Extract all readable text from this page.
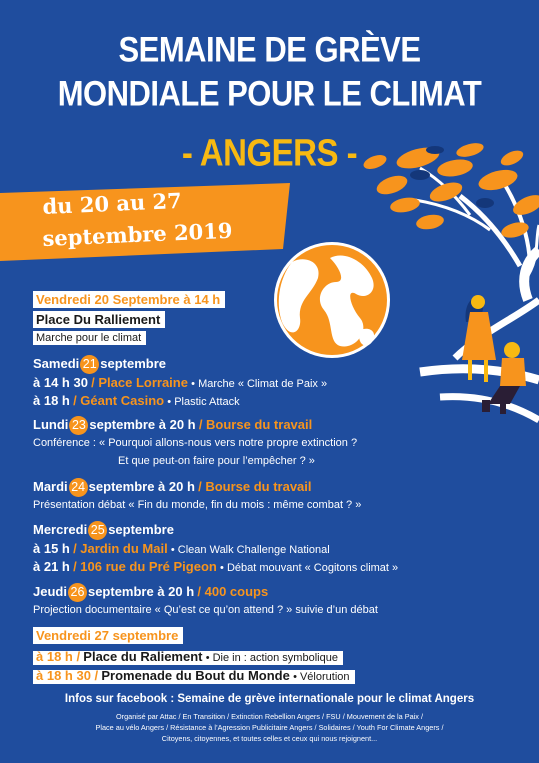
SEMAINE DE GRÈVE
MONDIALE POUR LE CLIMAT
- ANGERS -
du 20 au 27
septembre 2019
Vendredi 20 Septembre à 14 h
Place Du Ralliement
Marche pour le climat
Samedi 21 septembre
à 14 h 30 / Place Lorraine • Marche « Climat de Paix »
à 18 h / Géant Casino • Plastic Attack
Lundi 23 septembre à 20 h / Bourse du travail
Conférence : « Pourquoi allons-nous vers notre propre extinction ?
Et que peut-on faire pour l’empêcher ? »
Mardi 24 septembre à 20 h / Bourse du travail
Présentation débat « Fin du monde, fin du mois : même combat ? »
Mercredi 25 septembre
à 15 h / Jardin du Mail • Clean Walk Challenge National
à 21 h / 106 rue du Pré Pigeon • Débat mouvant « Cogitons climat »
Jeudi 26 septembre à 20 h / 400 coups
Projection documentaire « Qu’est ce qu’on attend ? » suivie d’un débat
Vendredi 27 septembre
à 18 h / Place du Raliement • Die in : action symbolique
à 18 h 30 / Promenade du Bout du Monde • Vélorution
Infos sur facebook : Semaine de grève internationale pour le climat Angers
Organisé par Attac / En Transition / Extinction Rebellion Angers / FSU / Mouvement de la Paix /
Place au vélo Angers / Résistance à l’Agression Publicitaire Angers / Solidaires / Youth For Climate Angers /
Citoyens, citoyennes, et toutes celles et ceux qui nous rejoignent...
